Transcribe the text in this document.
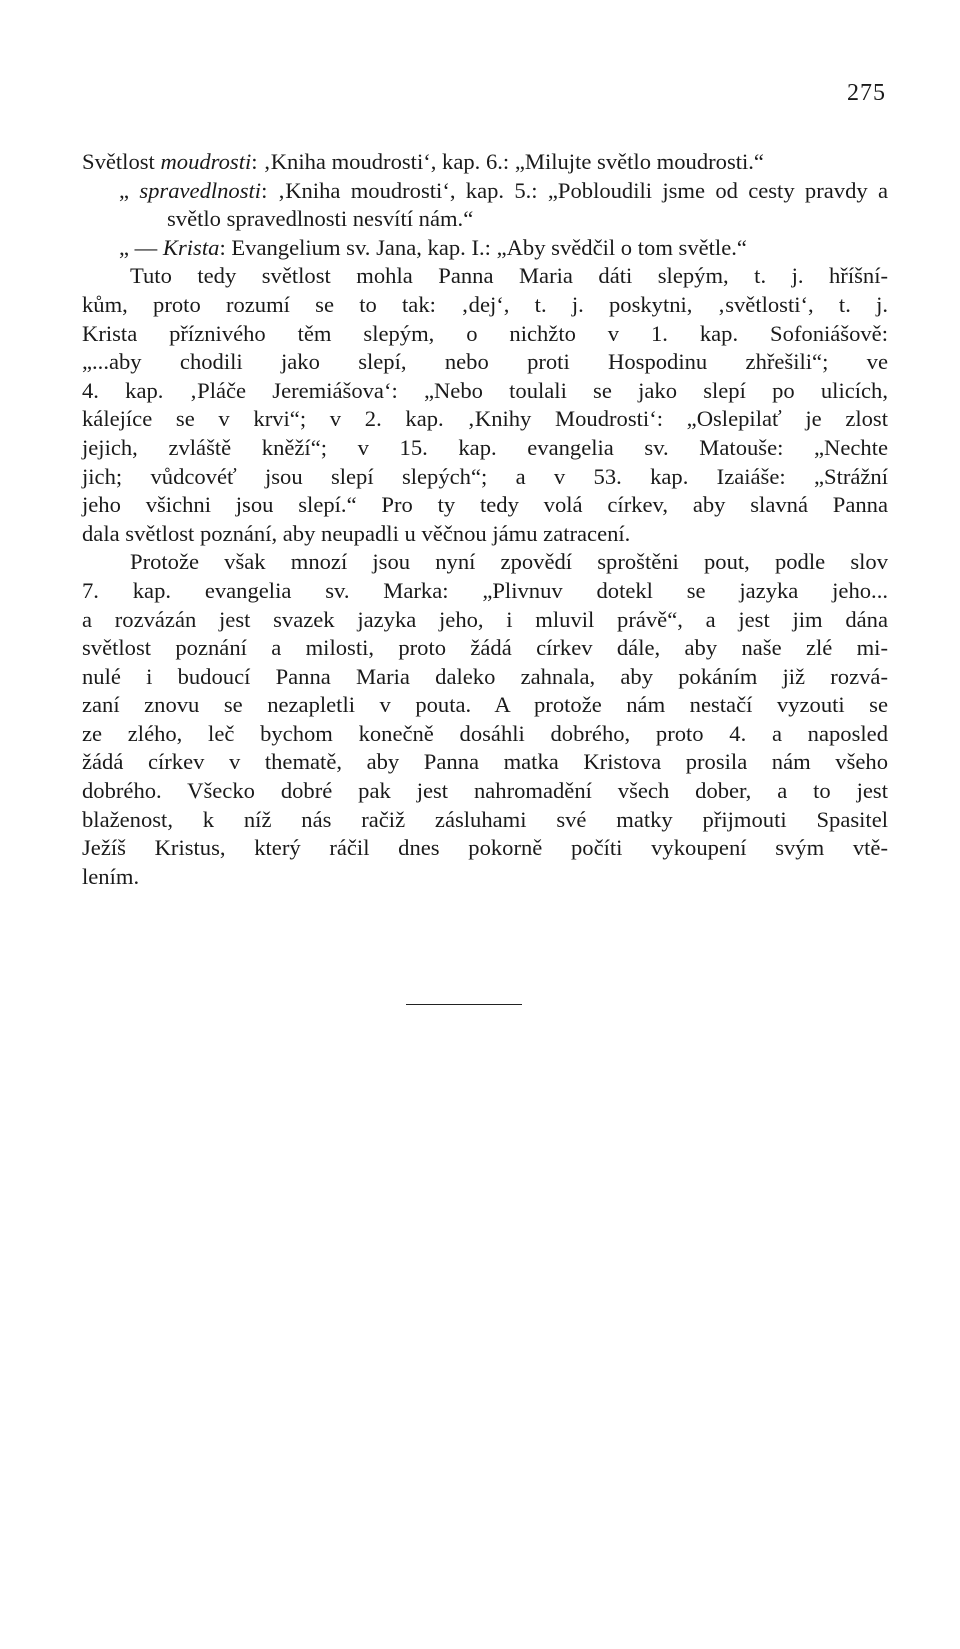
275

Světlost moudrosti: ‚Kniha moudrosti‘, kap. 6.: „Milujte světlo moudrosti.“

„ spravedlnosti: ‚Kniha moudrosti‘, kap. 5.: „Pobloudili jsme od cesty pravdy a světlo spravedlnosti nesvítí nám.“

„ — Krista: Evangelium sv. Jana, kap. I.: „Aby svědčil o tom světle.“

Tuto tedy světlost mohla Panna Maria dáti slepým, t. j. hříšní-
kům, proto rozumí se to tak: ‚dej‘, t. j. poskytni, ‚světlosti‘, t. j.
Krista příznivého těm slepým, o nichžto v 1. kap. Sofoniášově:
„...aby chodili jako slepí, nebo proti Hospodinu zhřešili“; ve
4. kap. ‚Pláče Jeremiášova‘: „Nebo toulali se jako slepí po ulicích,
kálejíce se v krvi“; v 2. kap. ‚Knihy Moudrosti‘: „Oslepilať je zlost
jejich, zvláště kněží“; v 15. kap. evangelia sv. Matouše: „Nechte
jich; vůdcovéť jsou slepí slepých“; a v 53. kap. Izaiáše: „Strážní
jeho všichni jsou slepí.“ Pro ty tedy volá církev, aby slavná Panna
dala světlost poznání, aby neupadli u věčnou jámu zatracení.
Protože však mnozí jsou nyní zpovědí sproštěni pout, podle slov
7. kap. evangelia sv. Marka: „Plivnuv dotekl se jazyka jeho...
a rozvázán jest svazek jazyka jeho, i mluvil právě“, a jest jim dána
světlost poznání a milosti, proto žádá církev dále, aby naše zlé mi-
nulé i budoucí Panna Maria daleko zahnala, aby pokáním již rozvá-
zaní znovu se nezapletli v pouta. A protože nám nestačí vyzouti se
ze zlého, leč bychom konečně dosáhli dobrého, proto 4. a naposled
žádá církev v thematě, aby Panna matka Kristova prosila nám všeho
dobrého. Všecko dobré pak jest nahromadění všech dober, a to jest
blaženost, k níž nás račiž zásluhami své matky přijmouti Spasitel
Ježíš Kristus, který ráčil dnes pokorně počíti vykoupení svým vtě-
lením.
